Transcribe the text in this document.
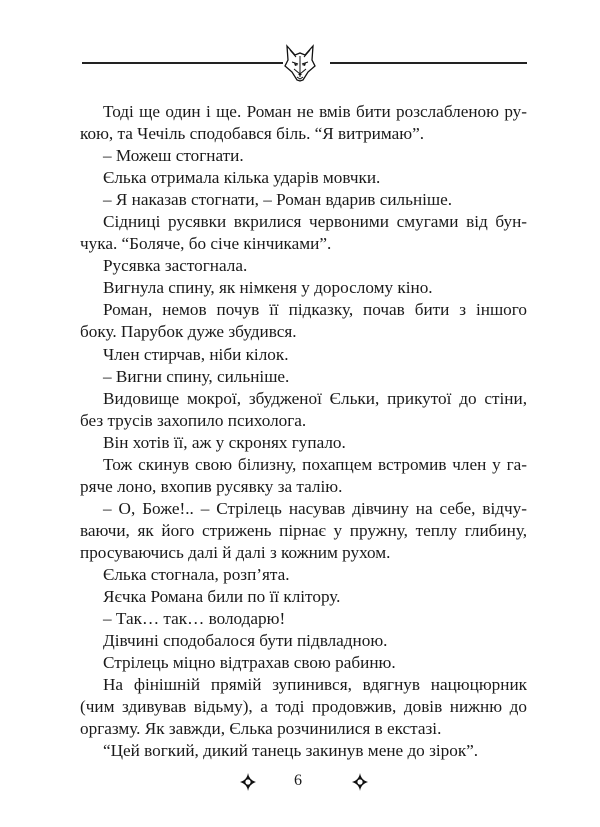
Тоді ще один і ще. Роман не вмів бити розслабленою ру-
кою, та Чечіль сподобався біль. “Я витримаю”.
– Можеш стогнати.
Єлька отримала кілька ударів мовчки.
– Я наказав стогнати, – Роман вдарив сильніше.
Сідниці русявки вкрилися червоними смугами від бун-
чука. “Боляче, бо січе кінчиками”.
Русявка застогнала.
Вигнула спину, як німкеня у дорослому кіно.
Роман, немов почув її підказку, почав бити з іншого
боку. Парубок дуже збудився.
Член стирчав, ніби кілок.
– Вигни спину, сильніше.
Видовище мокрої, збудженої Єльки, прикутої до стіни,
без трусів захопило психолога.
Він хотів її, аж у скронях гупало.
Тож скинув свою білизну, похапцем встромив член у га-
ряче лоно, вхопив русявку за талію.
– О, Боже!.. – Стрілець насував дівчину на себе, відчу-
ваючи, як його стрижень пірнає у пружну, теплу глибину,
просуваючись далі й далі з кожним рухом.
Єлька стогнала, розп’ята.
Яєчка Романа били по її клітору.
– Так… так… володарю!
Дівчині сподобалося бути підвладною.
Стрілець міцно відтрахав свою рабиню.
На фінішній прямій зупинився, вдягнув нацюцюрник
(чим здивував відьму), а тоді продовжив, довів нижню до
оргазму. Як завжди, Єлька розчинилися в екстазі.
“Цей вогкий, дикий танець закинув мене до зірок”.
6
